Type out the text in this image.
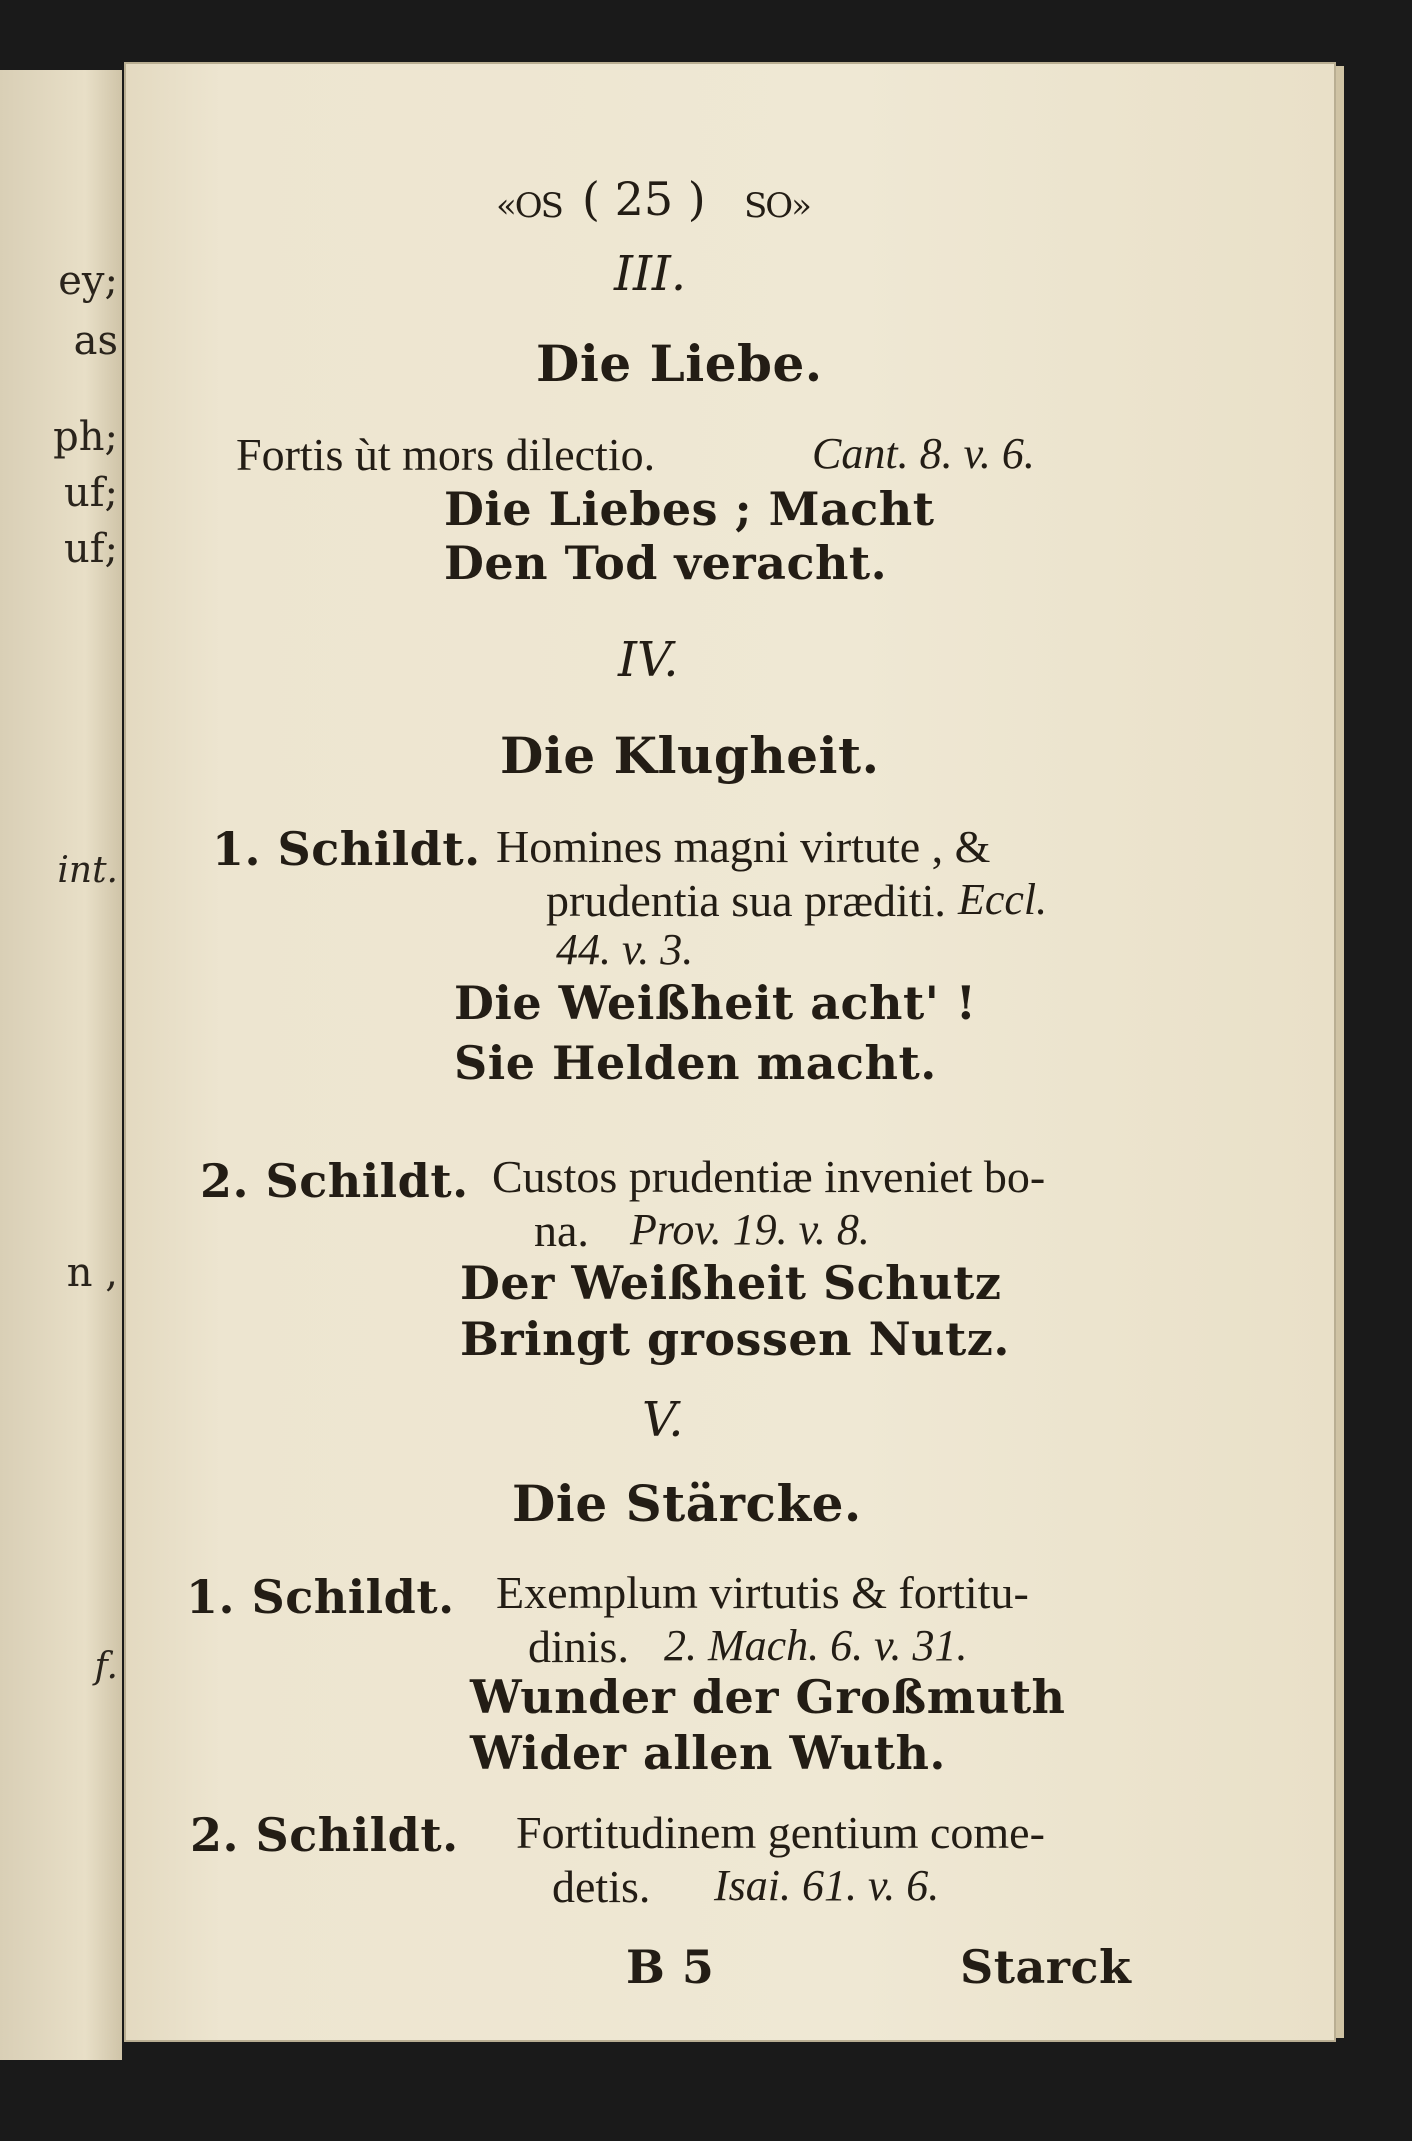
ey;
as
ph;
uf;
uf;
int.
n ,
f.
«OS ( 25 ) SO»
III.
Die Liebe.
Fortis ùt mors dilectio.	Cant. 8. v. 6.
Die Liebes ; Macht
Den Tod veracht.
IV.
Die Klugheit.
1. Schildt. Homines magni virtute , &
prudentia sua præditi. Eccl.
44. v. 3.
Die Weißheit acht' !
Sie Helden macht.
2. Schildt. Custos prudentiæ inveniet bo-
na. Prov. 19. v. 8.
Der Weißheit Schutz
Bringt grossen Nutz.
V.
Die Stärcke.
1. Schildt. Exemplum virtutis & fortitu-
dinis. 2. Mach. 6. v. 31.
Wunder der Großmuth
Wider allen Wuth.
2. Schildt. Fortitudinem gentium come-
detis. Isai. 61. v. 6.
B 5	Starck
